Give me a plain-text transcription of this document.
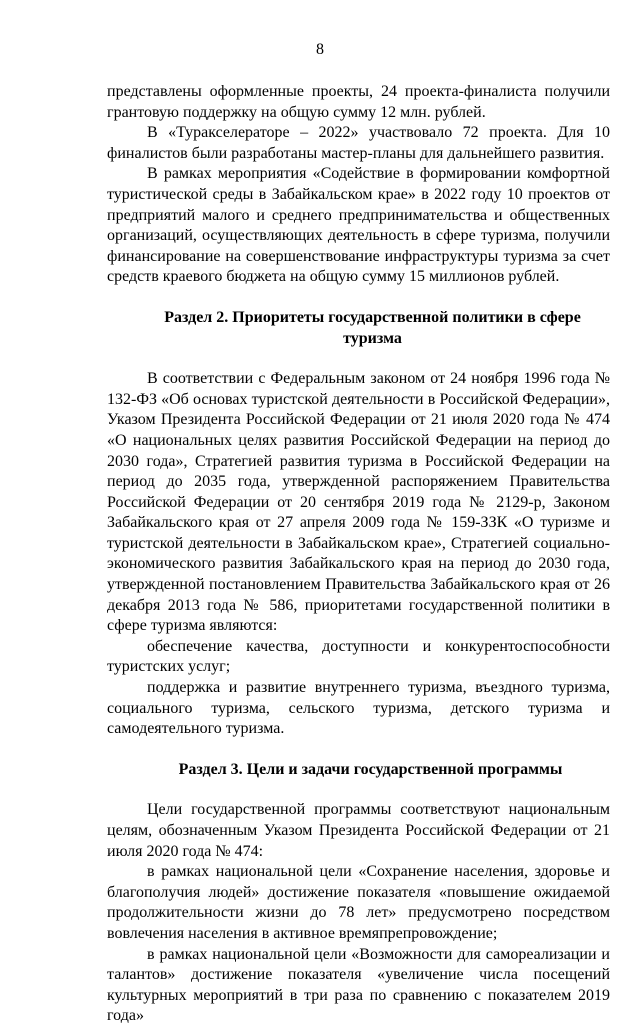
8

представлены оформленные проекты, 24 проекта-финалиста получили грантовую поддержку на общую сумму 12 млн. рублей.

В «Туракселераторе – 2022» участвовало 72 проекта. Для 10 финалистов были разработаны мастер-планы для дальнейшего развития.

В рамках мероприятия «Содействие в формировании комфортной туристической среды в Забайкальском крае» в 2022 году 10 проектов от предприятий малого и среднего предпринимательства и общественных организаций, осуществляющих деятельность в сфере туризма, получили финансирование на совершенствование инфраструктуры туризма за счет средств краевого бюджета на общую сумму 15 миллионов рублей.

Раздел 2. Приоритеты государственной политики в сфере туризма

В соответствии с Федеральным законом от 24 ноября 1996 года № 132-ФЗ «Об основах туристской деятельности в Российской Федерации», Указом Президента Российской Федерации от 21 июля 2020 года № 474 «О национальных целях развития Российской Федерации на период до 2030 года», Стратегией развития туризма в Российской Федерации на период до 2035 года, утвержденной распоряжением Правительства Российской Федерации от 20 сентября 2019 года № 2129-р, Законом Забайкальского края от 27 апреля 2009 года № 159-ЗЗК «О туризме и туристской деятельности в Забайкальском крае», Стратегией социально-экономического развития Забайкальского края на период до 2030 года, утвержденной постановлением Правительства Забайкальского края от 26 декабря 2013 года № 586, приоритетами государственной политики в сфере туризма являются:

обеспечение качества, доступности и конкурентоспособности туристских услуг;

поддержка и развитие внутреннего туризма, въездного туризма, социального туризма, сельского туризма, детского туризма и самодеятельного туризма.

Раздел 3. Цели и задачи государственной программы

Цели государственной программы соответствуют национальным целям, обозначенным Указом Президента Российской Федерации от 21 июля 2020 года № 474:

в рамках национальной цели «Сохранение населения, здоровье и благополучия людей» достижение показателя «повышение ожидаемой продолжительности жизни до 78 лет» предусмотрено посредством вовлечения населения в активное времяпрепровождение;

в рамках национальной цели «Возможности для самореализации и талантов» достижение показателя «увеличение числа посещений культурных мероприятий в три раза по сравнению с показателем 2019 года»
